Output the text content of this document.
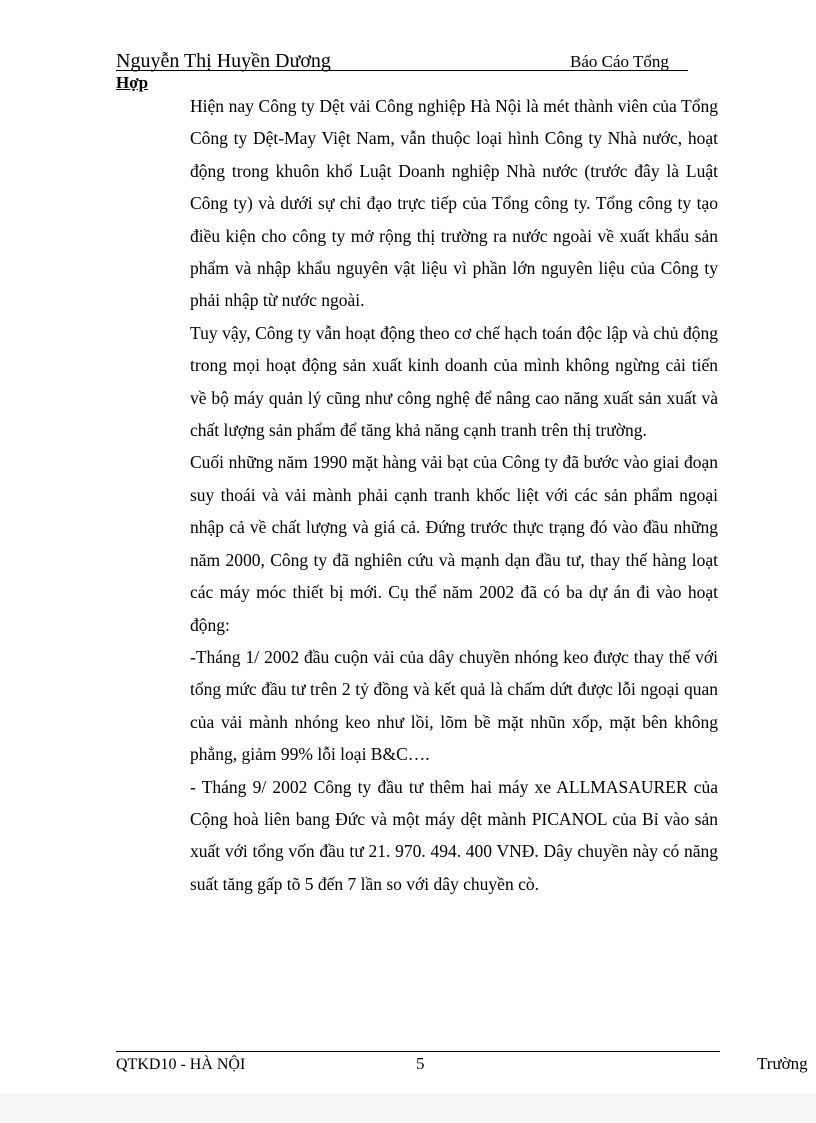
Nguyễn Thị Huyền Dương	Báo Cáo Tổng
Hợp

Hiện nay Công ty Dệt vải Công nghiệp Hà Nội là mét thành viên của Tổng Công ty Dệt-May Việt Nam, vẫn thuộc loại hình Công ty Nhà nước, hoạt động trong khuôn khổ Luật Doanh nghiệp Nhà nước (trước đây là Luật Công ty) và dưới sự chỉ đạo trực tiếp của Tổng công ty. Tổng công ty tạo điều kiện cho công ty mở rộng thị trường ra nước ngoài về xuất khẩu sản phẩm và nhập khẩu nguyên vật liệu vì phần lớn nguyên liệu của Công ty phải nhập từ nước ngoài.

Tuy vậy, Công ty vẫn hoạt động theo cơ chế hạch toán độc lập và chủ động trong mọi hoạt động sản xuất kinh doanh của mình không ngừng cải tiến về bộ máy quản lý cũng như công nghệ để nâng cao năng xuất sản xuất và chất lượng sản phẩm để tăng khả năng cạnh tranh trên thị trường.

Cuối những năm 1990 mặt hàng vải bạt của Công ty đã bước vào giai đoạn suy thoái và vải mành phải cạnh tranh khốc liệt với các sản phẩm ngoại nhập cả về chất lượng và giá cả. Đứng trước thực trạng đó vào đầu những năm 2000, Công ty đã nghiên cứu và mạnh dạn đầu tư, thay thế hàng loạt các máy móc thiết bị mới. Cụ thể năm 2002 đã có ba dự án đi vào hoạt động:

-Tháng 1/ 2002 đầu cuộn vải của dây chuyền nhóng keo được thay thế với tổng mức đầu tư trên 2 tỷ đồng và kết quả là chấm dứt được lỗi ngoại quan của vải mành nhóng keo như lồi, lõm bề mặt nhũn xốp, mặt bên không phẳng, giảm 99% lỗi loại B&C….

- Tháng 9/ 2002 Công ty đầu tư thêm hai máy xe ALLMASAURER của Cộng hoà liên bang Đức và một máy dệt mành PICANOL của Bỉ vào sản xuất với tổng vốn đầu tư 21. 970. 494. 400 VNĐ. Dây chuyền này có năng suất tăng gấp tõ 5 đến 7 lần so với dây chuyền cò.

QTKD10 - HÀ NỘI	5	Trường
